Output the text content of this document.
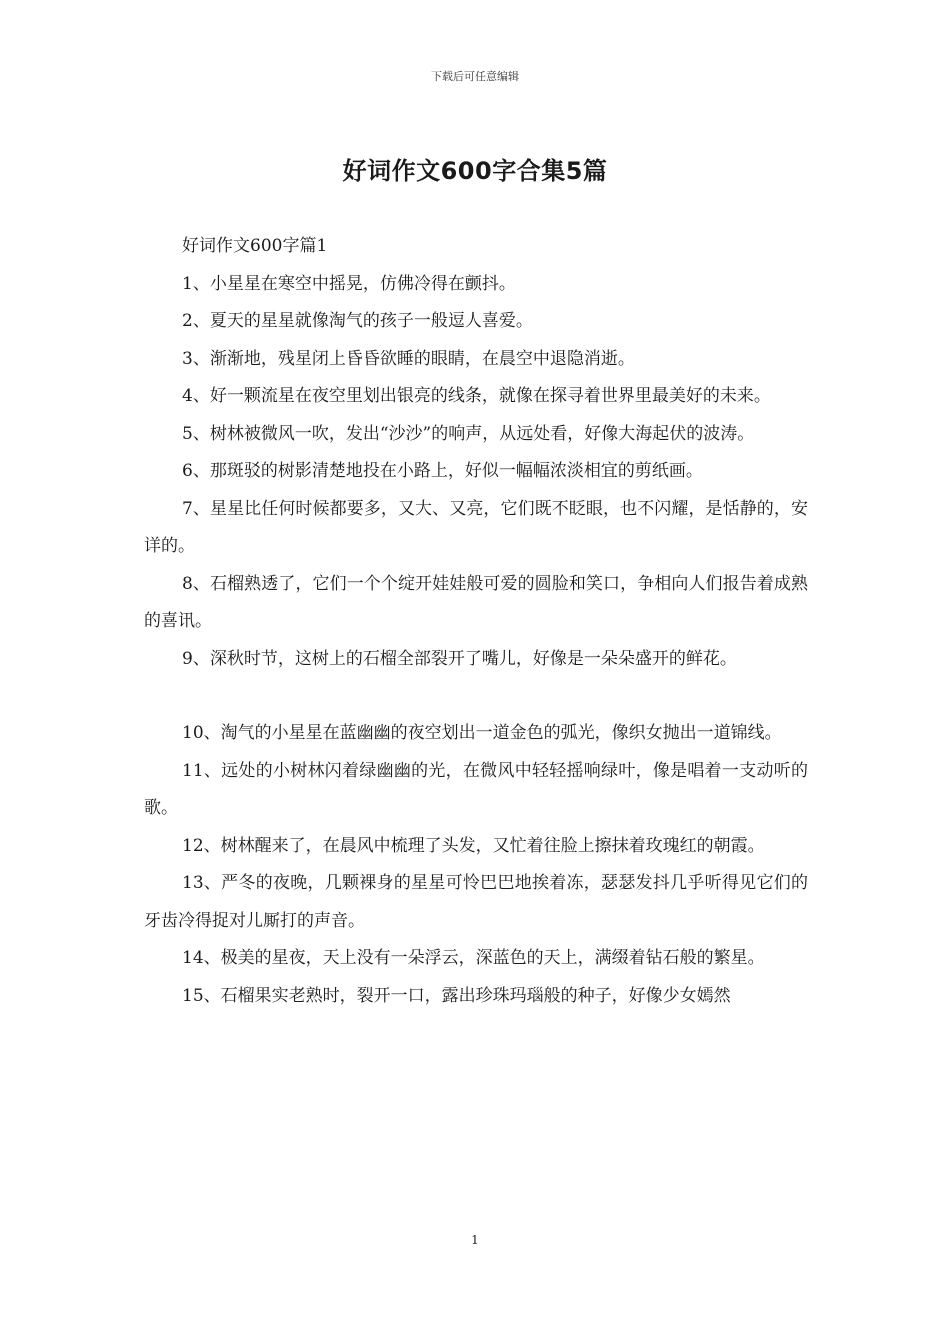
下载后可任意编辑
好词作文600字合集5篇

好词作文600字篇1

1、小星星在寒空中摇晃，仿佛冷得在颤抖。

2、夏天的星星就像淘气的孩子一般逗人喜爱。

3、渐渐地，残星闭上昏昏欲睡的眼睛，在晨空中退隐消逝。

4、好一颗流星在夜空里划出银亮的线条，就像在探寻着世界里最美好的未来。

5、树林被微风一吹，发出“沙沙”的响声，从远处看，好像大海起伏的波涛。

6、那斑驳的树影清楚地投在小路上，好似一幅幅浓淡相宜的剪纸画。

7、星星比任何时候都要多，又大、又亮，它们既不眨眼，也不闪耀，是恬静的，安详的。

8、石榴熟透了，它们一个个绽开娃娃般可爱的圆脸和笑口，争相向人们报告着成熟的喜讯。

9、深秋时节，这树上的石榴全部裂开了嘴儿，好像是一朵朵盛开的鲜花。

10、淘气的小星星在蓝幽幽的夜空划出一道金色的弧光，像织女抛出一道锦线。

11、远处的小树林闪着绿幽幽的光，在微风中轻轻摇响绿叶，像是唱着一支动听的歌。

12、树林醒来了，在晨风中梳理了头发，又忙着往脸上擦抹着玫瑰红的朝霞。

13、严冬的夜晚，几颗裸身的星星可怜巴巴地挨着冻，瑟瑟发抖几乎听得见它们的牙齿冷得捉对儿厮打的声音。

14、极美的星夜，天上没有一朵浮云，深蓝色的天上，满缀着钻石般的繁星。

15、石榴果实老熟时，裂开一口，露出珍珠玛瑙般的种子，好像少女嫣然

1
